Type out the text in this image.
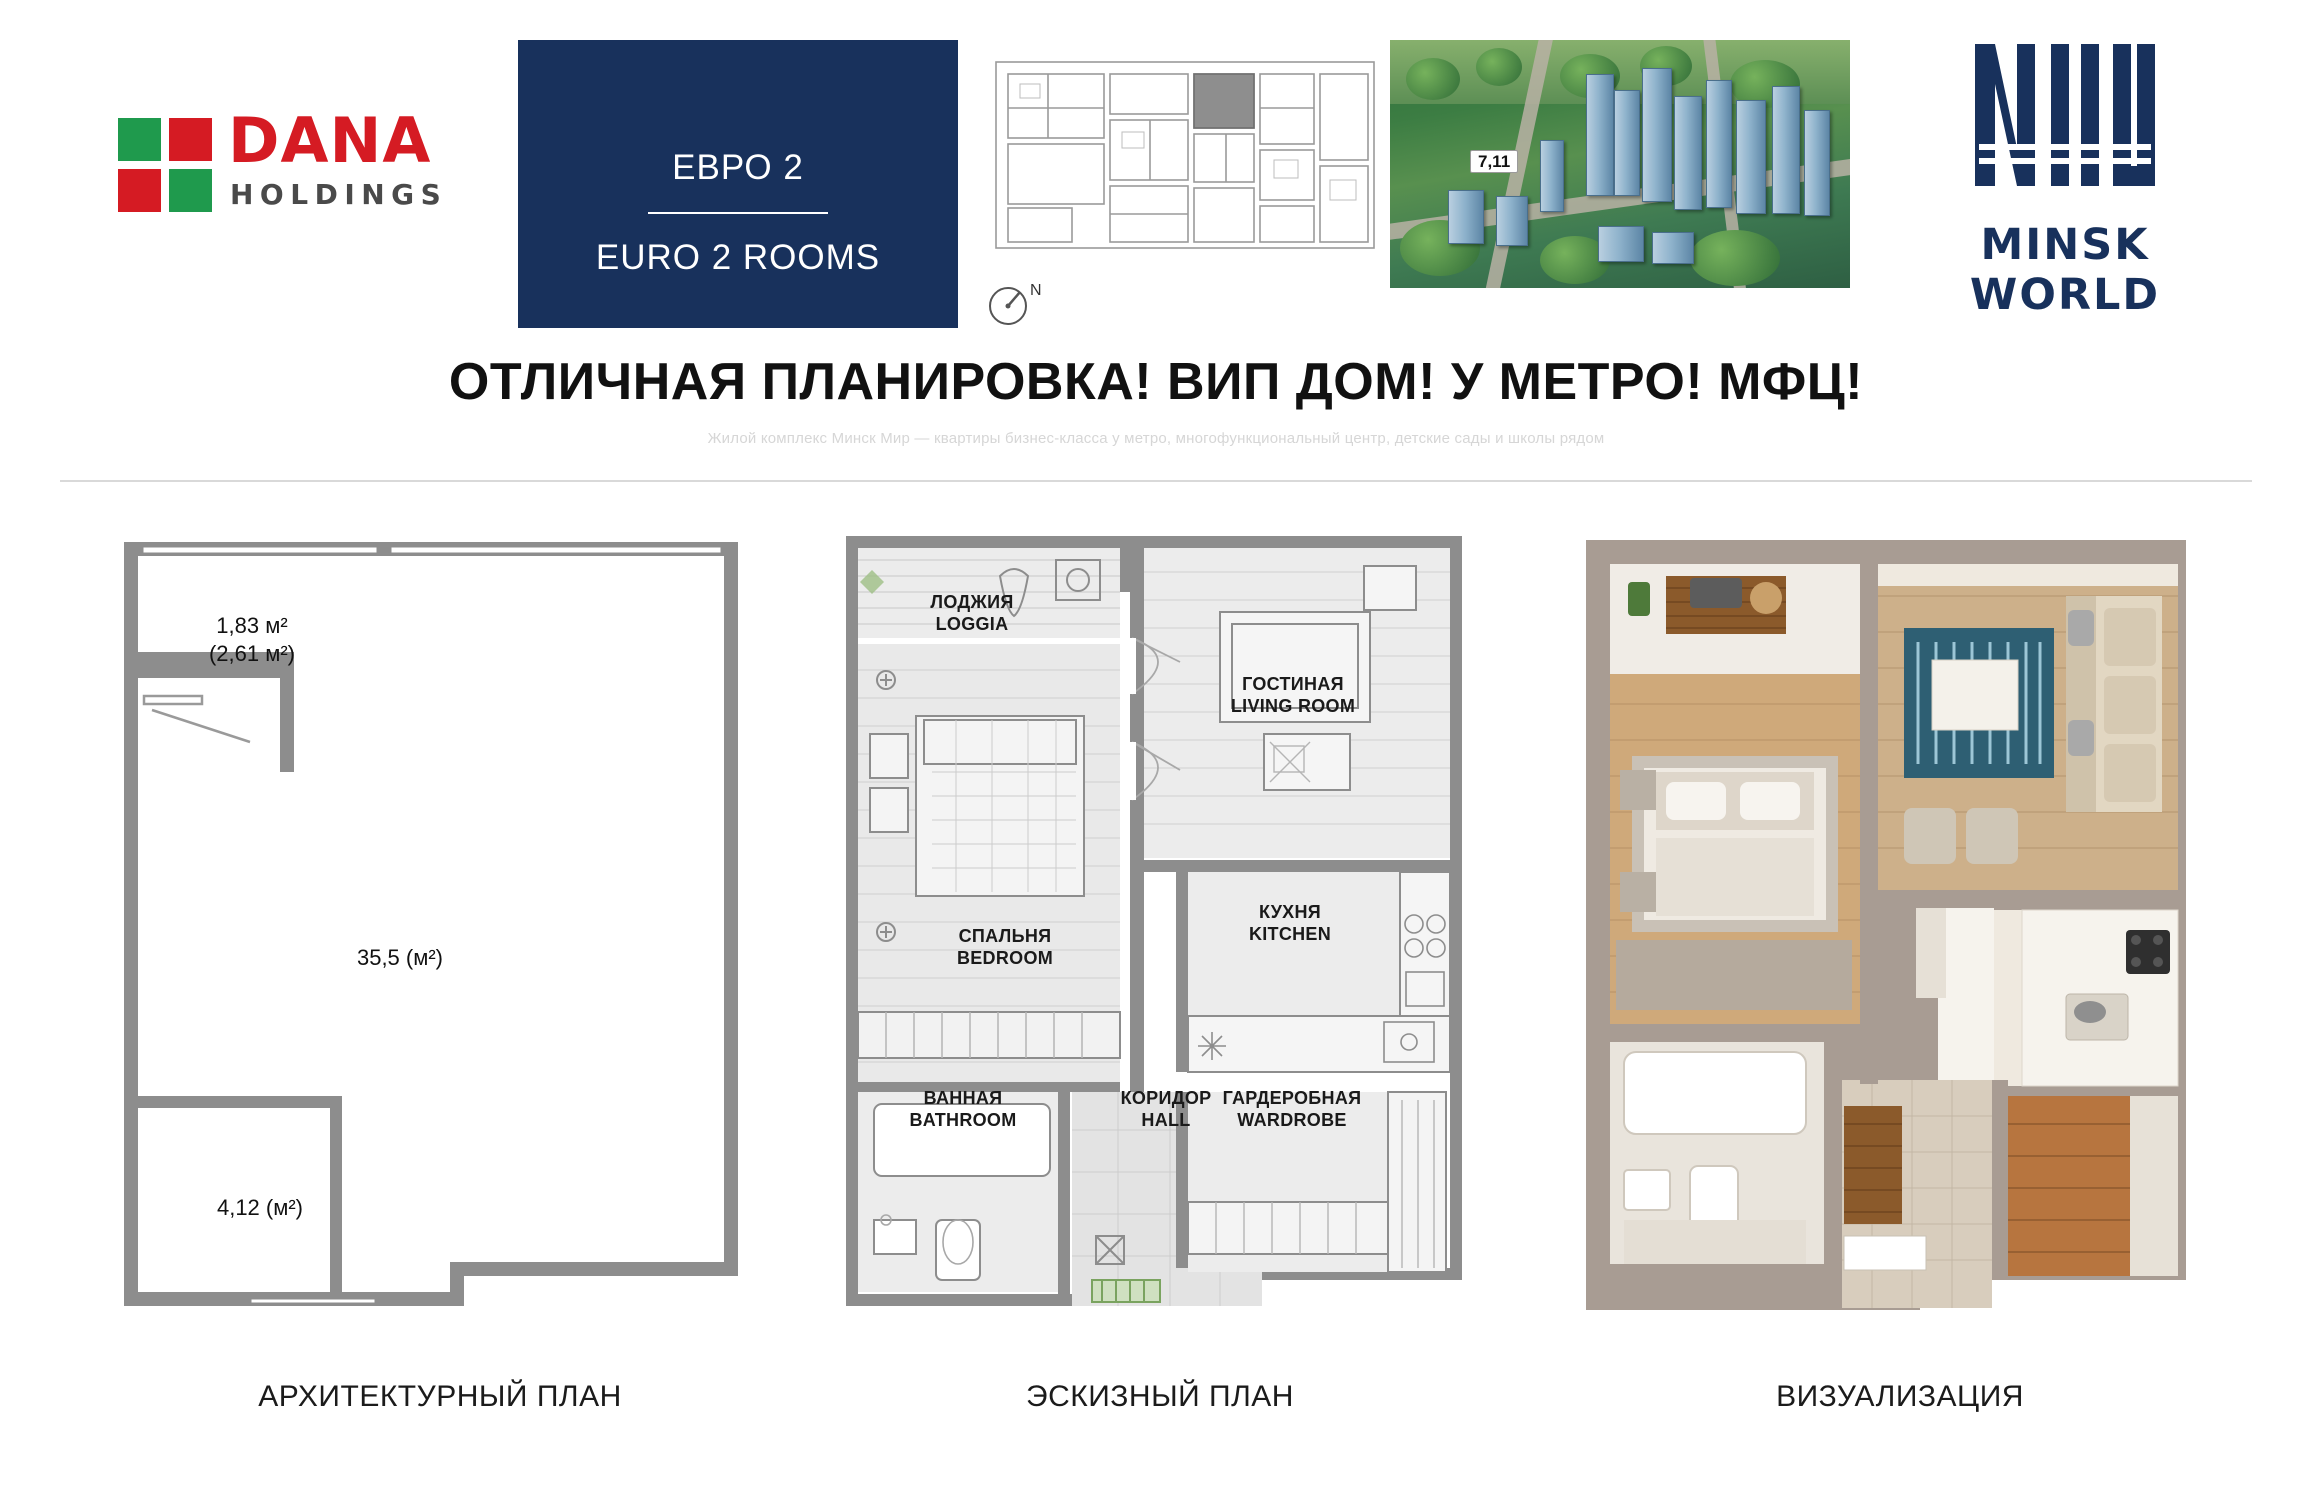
DANA
HOLDINGS
ЕВРО 2
EURO 2 ROOMS
N
7,11
MINSK WORLD
ОТЛИЧНАЯ ПЛАНИРОВКА! ВИП ДОМ! У МЕТРО! МФЦ!
Жилой комплекс Минск Мир — квартиры бизнес-класса у метро, многофункциональный центр, детские сады и школы рядом
1,83 м²
(2,61 м²)
35,5 (м²)
4,12 (м²)
АРХИТЕКТУРНЫЙ ПЛАН
ЛОДЖИЯ
LOGGIA
ГОСТИНАЯ
LIVING ROOM
СПАЛЬНЯ
BEDROOM
КУХНЯ
KITCHEN
ВАННАЯ
BATHROOM
КОРИДОР
HALL
ГАРДЕРОБНАЯ
WARDROBE
ЭСКИЗНЫЙ ПЛАН	ВИЗУАЛИЗАЦИЯ
